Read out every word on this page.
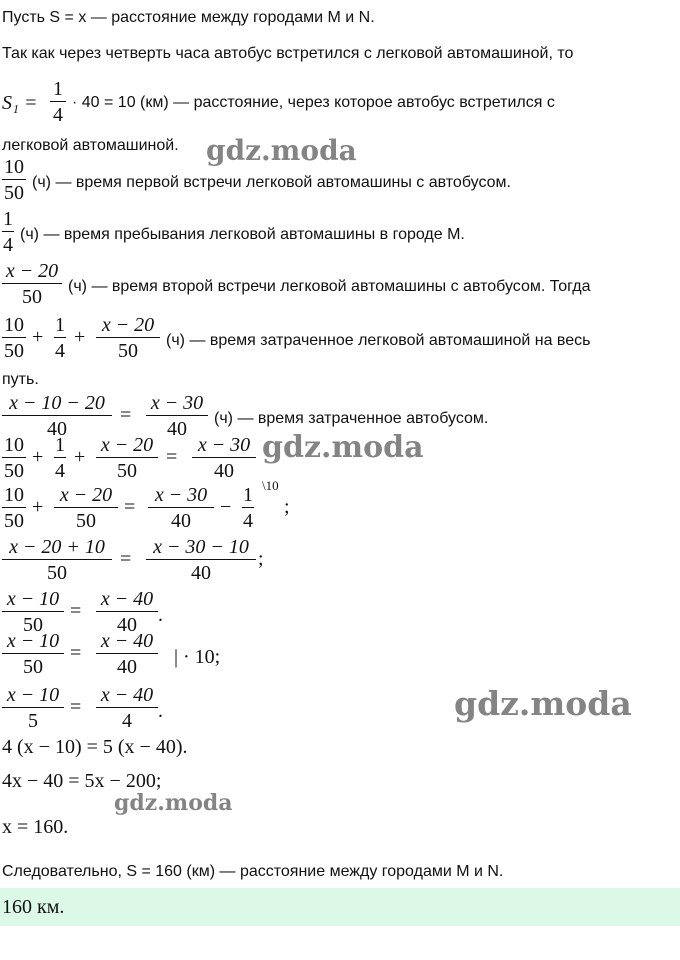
Пусть S = x — расстояние между городами M и N.
Так как через четверть часа автобус встретился с легковой автомашиной, то
S₁ =
1
4
· 40 = 10 (км) — расстояние, через которое автобус встретился с
легковой автомашиной.
10
50 (ч) — время первой встречи легковой автомашины с автобусом.
1
4 (ч) — время пребывания легковой автомашины в городе M.
x − 20
50	(ч) — время второй встречи легковой автомашины с автобусом. Тогда
10
50
+
1
4
+
x − 20
50	(ч) — время затраченное легковой автомашиной на весь
путь.
x − 10 − 20
40
=
x − 30
40	(ч) — время затраченное автобусом.
10
50
+
1
4
+
x − 20
50
=
x − 30
40
10
50
+
x − 20
50
=
x − 30
40
−
1
4
\10
;
x − 20 + 10
50
=
x − 30 − 10
40
;
x − 10
50
=
x − 40
40	.
x − 10
50
=
x − 40
40	| · 10;
x − 10
5
=
x − 40
4	.
4 (x − 10) = 5 (x − 40).
4x − 40 = 5x − 200;
x = 160.
Следовательно, S = 160 (км) — расстояние между городами M и N.
160 км.
gdz.moda
gdz.moda
gdz.moda
gdz.moda
